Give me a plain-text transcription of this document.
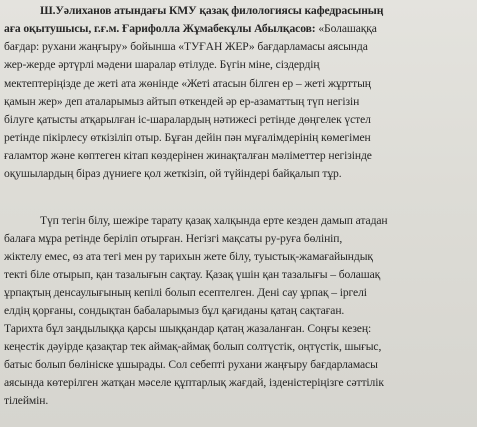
Ш.Уәлиханов атындағы КМУ қазақ филологиясы кафедрасының
аға оқытушысы, г.ғ.м. Ғарифолла Жұмабекұлы Абылқасов: «Болашаққа
бағдар: рухани жаңғыру» бойынша «ТУҒАН ЖЕР» бағдарламасы аясында
жер-жерде әртүрлі мәдени шаралар өтілуде. Бүгін міне, сіздердің
мектептеріңізде де жеті ата жөнінде «Жеті атасын білген ер – жеті жұрттың
қамын жер» деп аталарымыз айтып өткендей әр ер-азаматтың түп негізін
білуге қатысты атқарылған іс-шаралардың нәтижесі ретінде дөңгелек үстел
ретінде пікірлесу өткізіліп отыр. Бұған дейін пән мұғалімдерінің көмегімен
ғаламтор және көптеген кітап көздерінен жинақталған мәліметтер негізінде
оқушылардың біраз дүниеге қол жеткізіп, ой түйіндері байқалып тұр.
Түп тегін білу, шежіре тарату қазақ халқында ерте кезден дамып атадан
балаға мұра ретінде беріліп отырған. Негізгі мақсаты ру-руға бөлініп,
жіктелу емес, өз ата тегі мен ру тарихын жете білу, туыстық-жамағайындық
текті біле отырып, қан тазалығын сақтау. Қазақ үшін қан тазалығы – болашақ
ұрпақтың денсаулығының кепілі болып есептелген. Дені сау ұрпақ – іргелі
елдің қорғаны, сондықтан бабаларымыз бұл қағиданы қатаң сақтаған.
Тарихта бұл заңдылыққа қарсы шыққандар қатаң жазаланған. Соңғы кезең:
кеңестік дәуірде қазақтар тек аймақ-аймақ болып солтүстік, оңтүстік, шығыс,
батыс болып бөлініске ұшырады. Сол себепті рухани жаңғыру бағдарламасы
аясында көтерілген жатқан мәселе құптарлық жағдай, ізденістеріңізге сәттілік
тілеймін.
